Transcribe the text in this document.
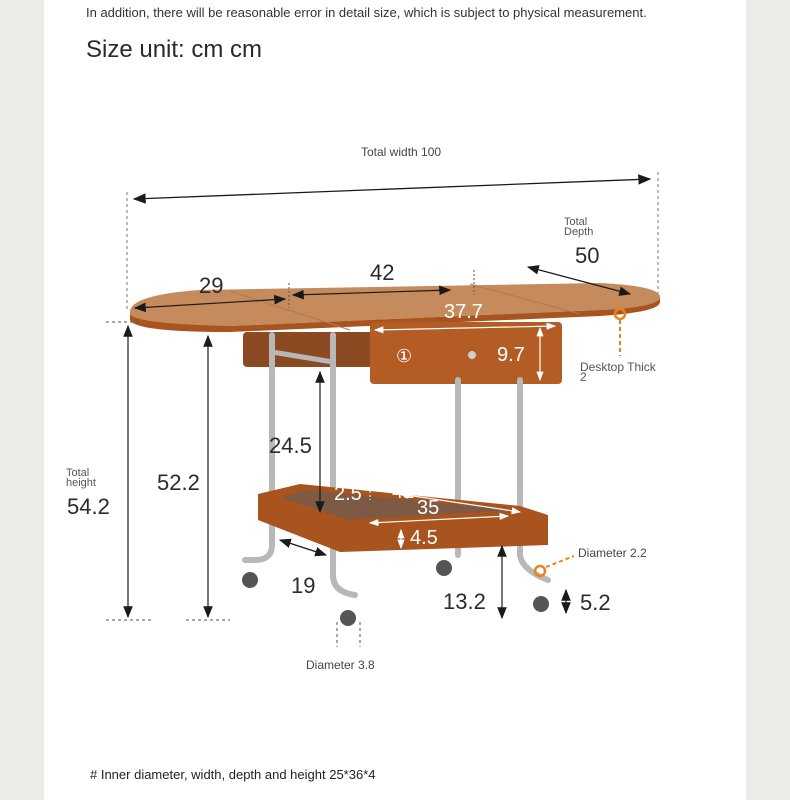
In addition, there will be reasonable error in detail size, which is subject to physical measurement.
Size unit: cm cm
Total width 100
Total
Depth
50
29
42
37.7
①	9.7
Desktop Thick
2
Total
height
54.2
52.2
24.5
2.5 41
35
4.5
19
13.2	5.2
Diameter 2.2
Diameter 3.8
# Inner diameter, width, depth and height 25*36*4
